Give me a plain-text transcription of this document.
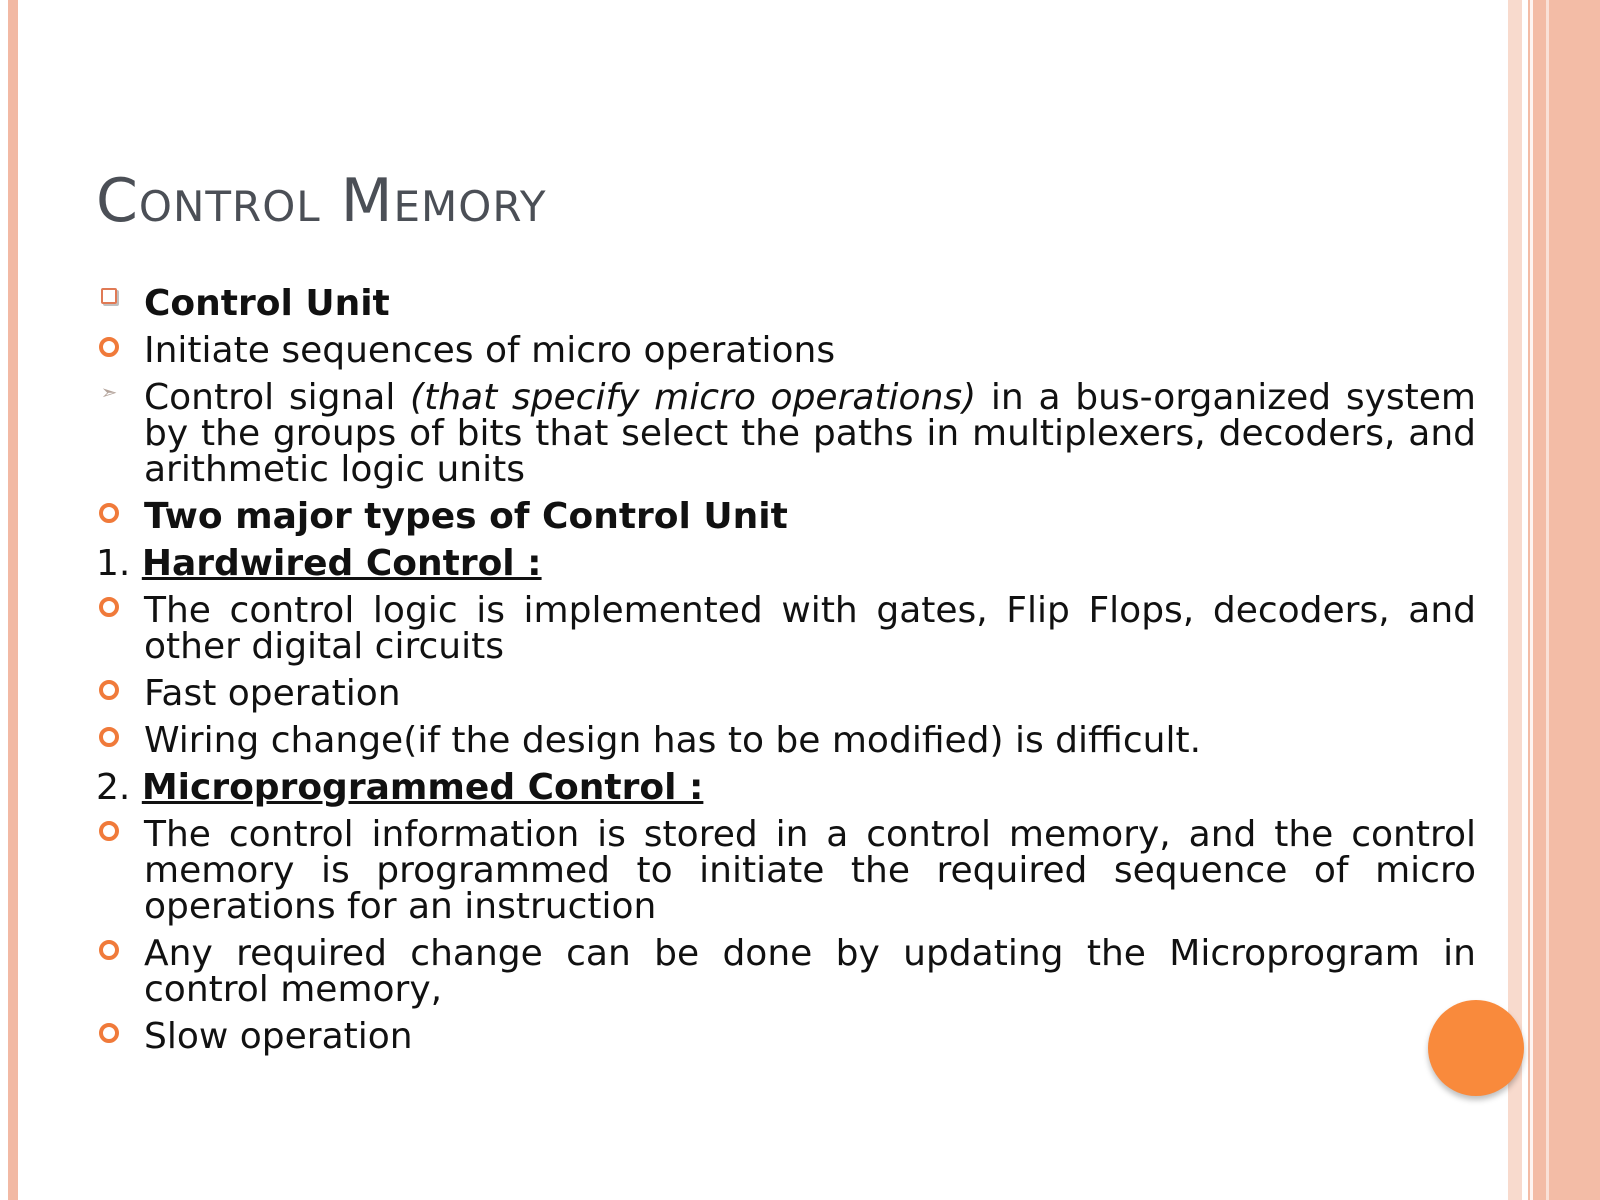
Control Memory
Control Unit
Initiate sequences of micro operations
➣ Control signal (that specify micro operations) in a bus-organized system by the groups of bits that select the paths in multiplexers, decoders, and arithmetic logic units
Two major types of Control Unit
1. Hardwired Control :
The control logic is implemented with gates, Flip Flops, decoders, and other digital circuits
Fast operation
Wiring change(if the design has to be modified) is difficult.
2. Microprogrammed Control :
The control information is stored in a control memory, and the control memory is programmed to initiate the required sequence of micro operations for an instruction
Any required change can be done by updating the Microprogram in control memory,
Slow operation
